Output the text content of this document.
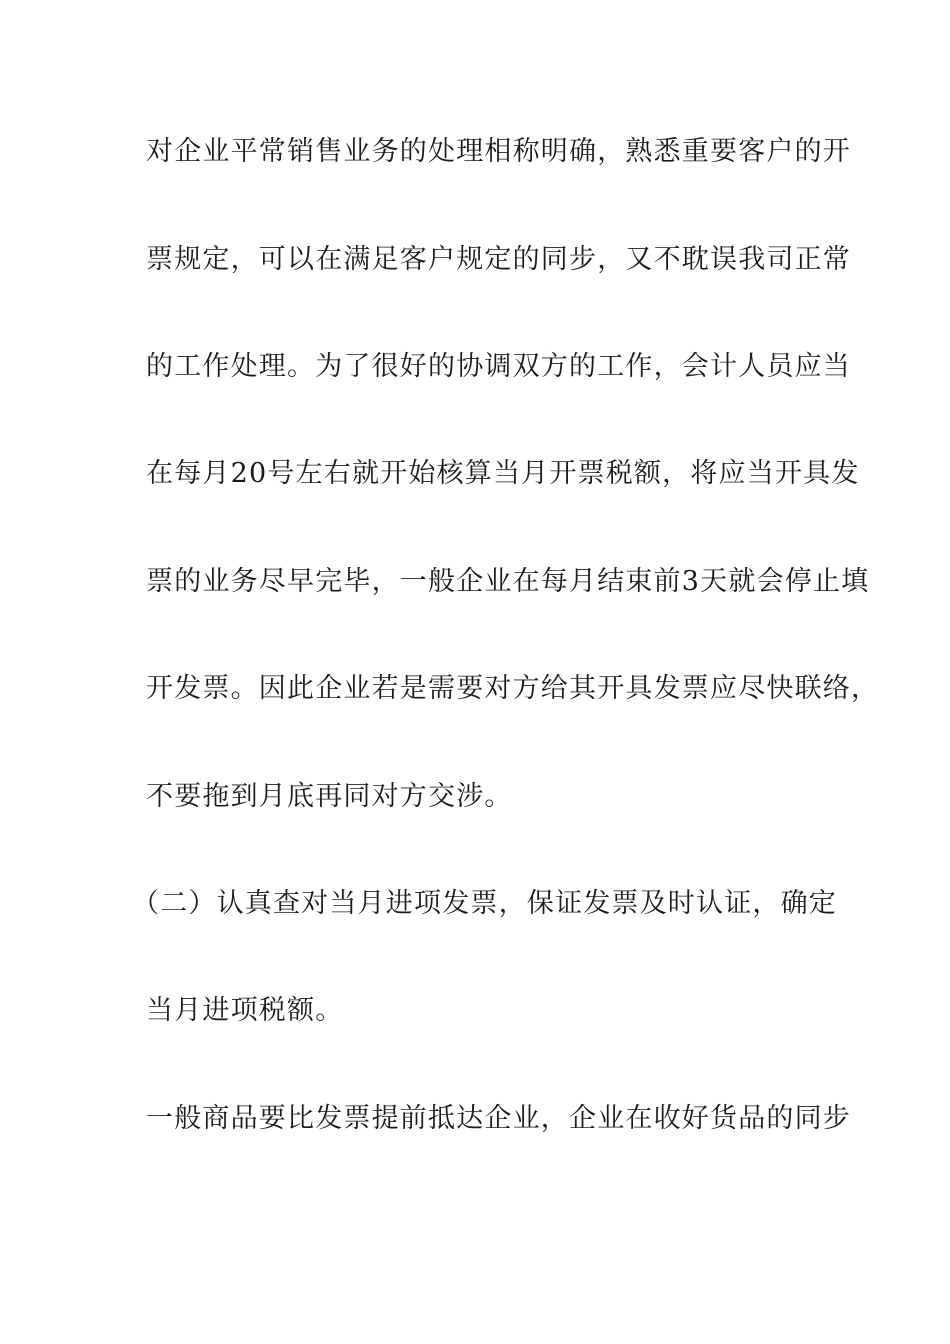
对企业平常销售业务的处理相称明确，熟悉重要客户的开
票规定，可以在满足客户规定的同步，又不耽误我司正常
的工作处理。为了很好的协调双方的工作，会计人员应当
在每月20号左右就开始核算当月开票税额，将应当开具发
票的业务尽早完毕，一般企业在每月结束前3天就会停止填
开发票。因此企业若是需要对方给其开具发票应尽快联络，
不要拖到月底再同对方交涉。
（二）认真查对当月进项发票，保证发票及时认证，确定
当月进项税额。
一般商品要比发票提前抵达企业，企业在收好货品的同步
